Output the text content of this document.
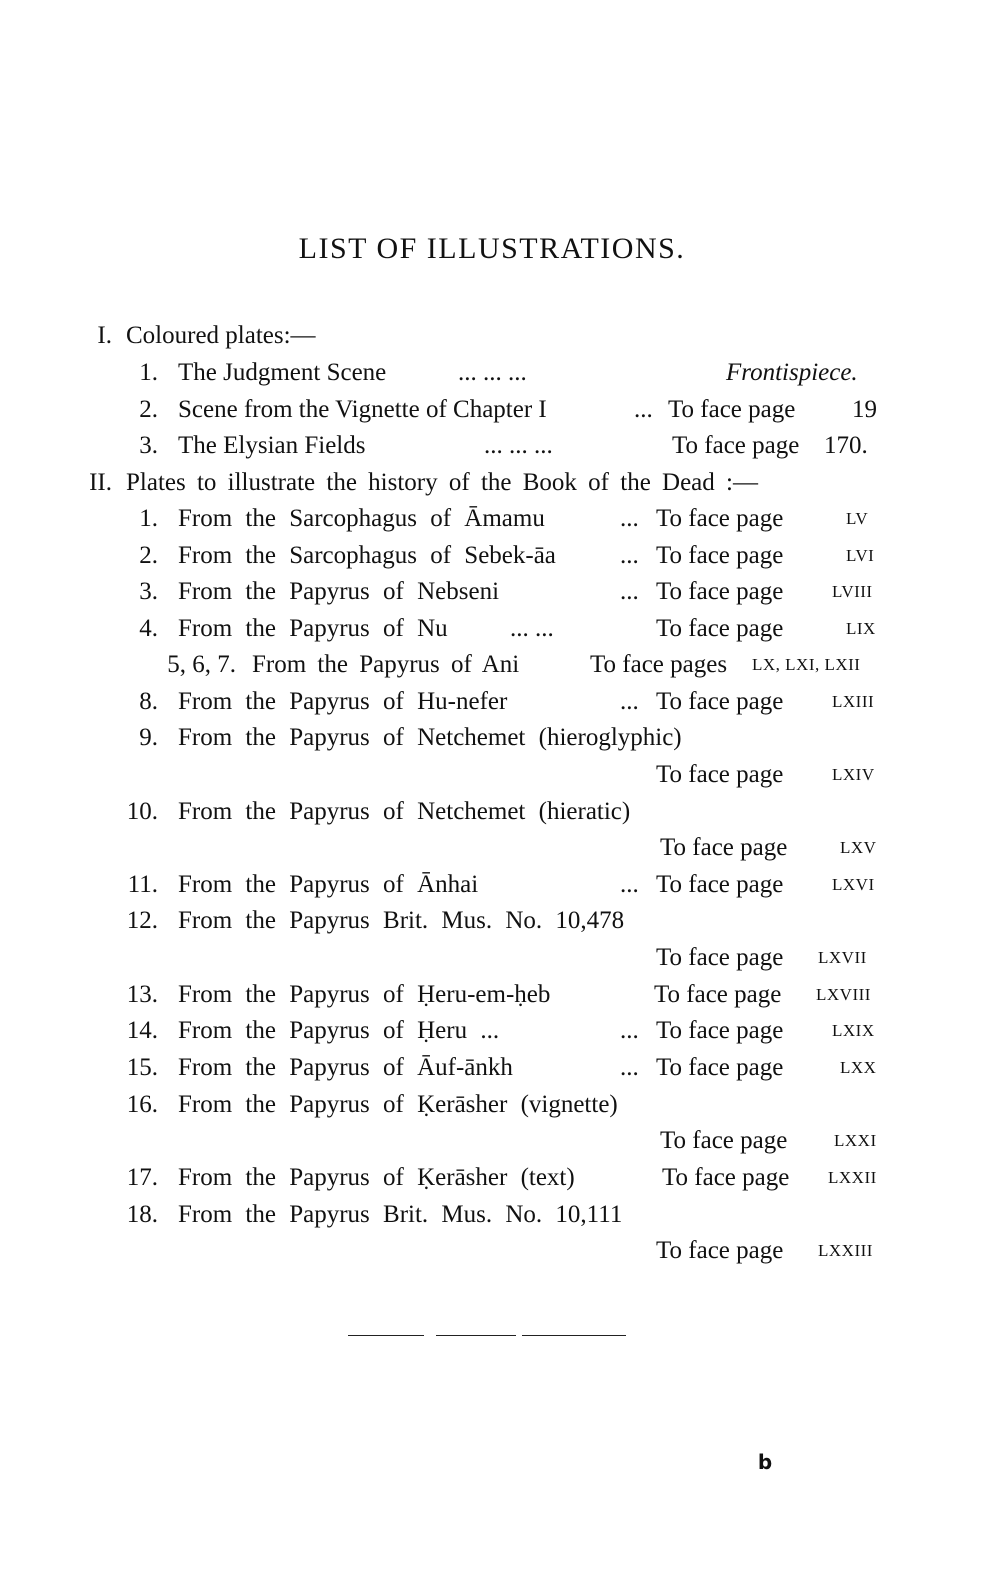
LIST OF ILLUSTRATIONS.
I. Coloured plates:—
1. The Judgment Scene	... ... ...	Frontispiece.
2. Scene from the Vignette of Chapter I	... To face page 19
3. The Elysian Fields	... ... ...	To face page 170.
II. Plates to illustrate the history of the Book of the Dead :—
1. From the Sarcophagus of Āmamu	... To face page	LV
2. From the Sarcophagus of Sebek-āa	... To face page	LVI
3. From the Papyrus of Nebseni	... To face page	LVIII
4. From the Papyrus of Nu ... ...	To face page	LIX
5, 6, 7. From the Papyrus of Ani	To face pages LX, LXI, LXII
8. From the Papyrus of Hu-nefer	... To face page	LXIII
9. From the Papyrus of Netchemet (hieroglyphic)
To face page	LXIV
10. From the Papyrus of Netchemet (hieratic)
To face page	LXV
11. From the Papyrus of Ānhai	... To face page	LXVI
12. From the Papyrus Brit. Mus. No. 10,478
To face page LXVII
13. From the Papyrus of Ḥeru-em-ḥeb	To face page LXVIII
14. From the Papyrus of Ḥeru ...	... To face page	LXIX
15. From the Papyrus of Āuf-ānkh	... To face page	LXX
16. From the Papyrus of Ḳerāsher (vignette)
To face page	LXXI
17. From the Papyrus of Ḳerāsher (text)	To face page LXXII
18. From the Papyrus Brit. Mus. No. 10,111
To face page LXXIII
b
